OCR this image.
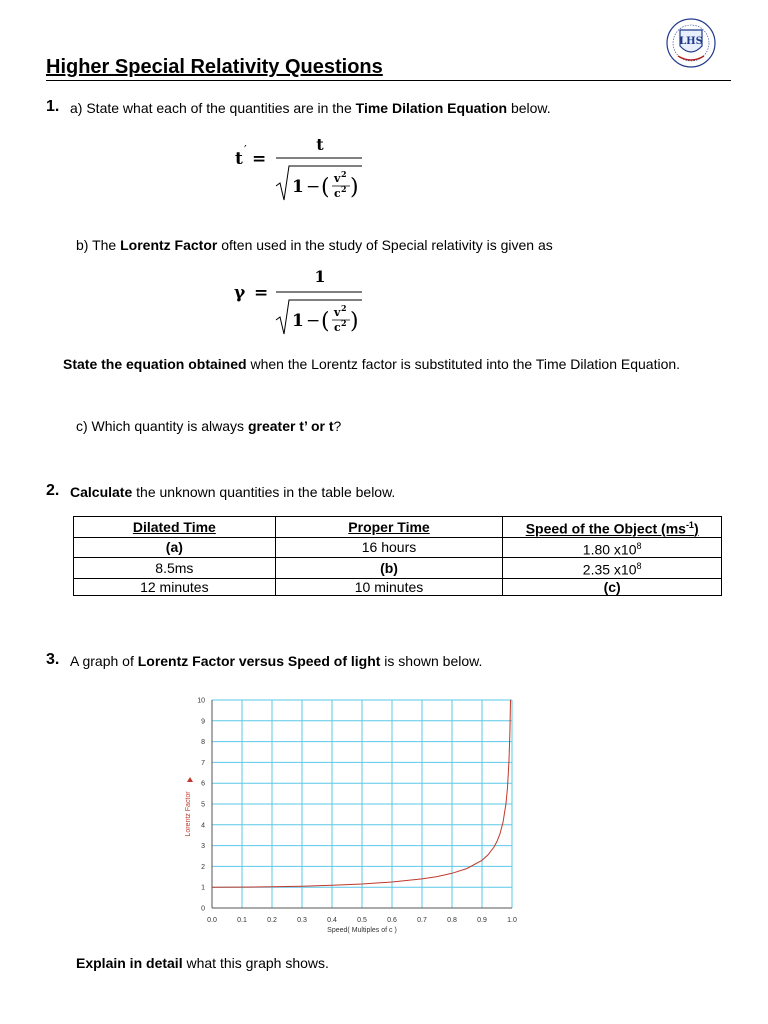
Higher Special Relativity Questions
LHS
1. a) State what each of the quantities are in the Time Dilation Equation below.
t ′ =
t
1 − ( v 2
c 2 )
b) The Lorentz Factor often used in the study of Special relativity is given as
γ =
1
1 − ( v 2
c 2 )
State the equation obtained when the Lorentz factor is substituted into the Time Dilation Equation.
c) Which quantity is always greater t’ or t?
2. Calculate the unknown quantities in the table below.
Dilated Time	Proper Time	Speed of the Object $(ms^{-1})$
(a)	16 hours	1.80 $x10^8$
8.5ms	(b)	2.35 $x10^8$
12 minutes	10 minutes	(c)
3. A graph of Lorentz Factor versus Speed of light is shown below.
0.0	0.1	0.2	0.3	0.4	0.5	0.6	0.7	0.8	0.9	1.0
0
1
2
3
4
5
6
7
8
9
10
Speed( Multiples of c )
Lorentz Factor
Explain in detail what this graph shows.
